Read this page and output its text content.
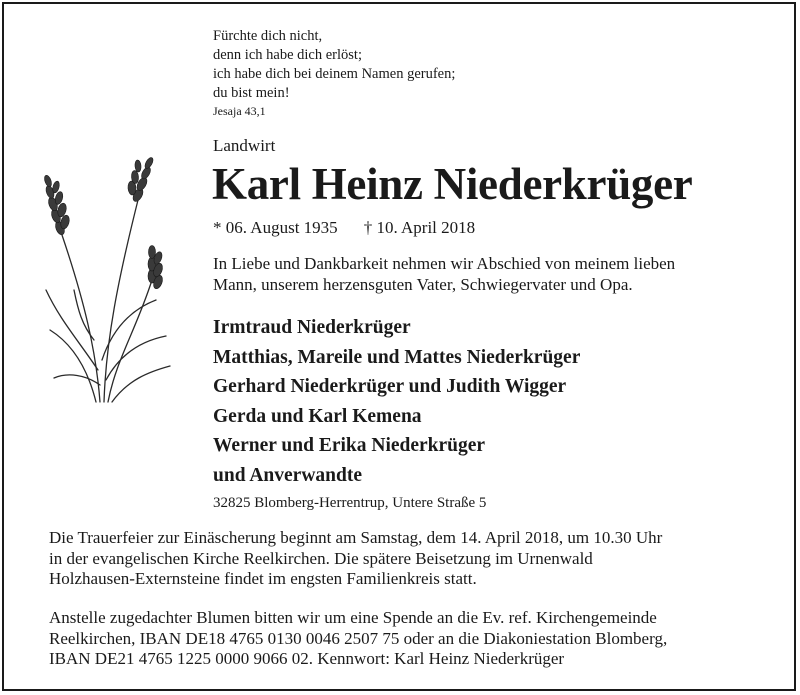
Fürchte dich nicht,
denn ich habe dich erlöst;
ich habe dich bei deinem Namen gerufen;
du bist mein!
Jesaja 43,1
Landwirt
Karl Heinz Niederkrüger
* 06. August 1935 † 10. April 2018
In Liebe und Dankbarkeit nehmen wir Abschied von meinem lieben
Mann, unserem herzensguten Vater, Schwiegervater und Opa.
Irmtraud Niederkrüger
Matthias, Mareile und Mattes Niederkrüger
Gerhard Niederkrüger und Judith Wigger
Gerda und Karl Kemena
Werner und Erika Niederkrüger
und Anverwandte
32825 Blomberg-Herrentrup, Untere Straße 5
Die Trauerfeier zur Einäscherung beginnt am Samstag, dem 14. April 2018, um 10.30 Uhr
in der evangelischen Kirche Reelkirchen. Die spätere Beisetzung im Urnenwald
Holzhausen-Externsteine findet im engsten Familienkreis statt.
Anstelle zugedachter Blumen bitten wir um eine Spende an die Ev. ref. Kirchengemeinde
Reelkirchen, IBAN DE18 4765 0130 0046 2507 75 oder an die Diakoniestation Blomberg,
IBAN DE21 4765 1225 0000 9066 02. Kennwort: Karl Heinz Niederkrüger
